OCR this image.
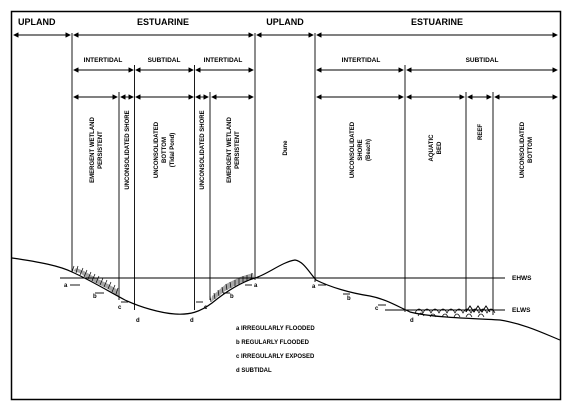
UPLAND	ESTUARINE	UPLAND	ESTUARINE
INTERTIDAL	SUBTIDAL	INTERTIDAL	INTERTIDAL	SUBTIDAL
EMERGENT WETLAND PERSISTENT	UNCONSOLIDATED SHORE	UNCONSOLIDATED BOTTOM (Tidal Pond)	UNCONSOLIDATED SHORE	EMERGENT WETLAND PERSISTENT	Dune	UNCONSOLIDATED SHORE (Beach)	AQUATIC BED
REEF	UNCONSOLIDATED BOTTOM
EHWS
ELWS
a
b
c
d	d
c
b
a	a
b
c
d
a IRREGULARLY FLOODED
b REGULARLY FLOODED
c IRREGULARLY EXPOSED
d SUBTIDAL
